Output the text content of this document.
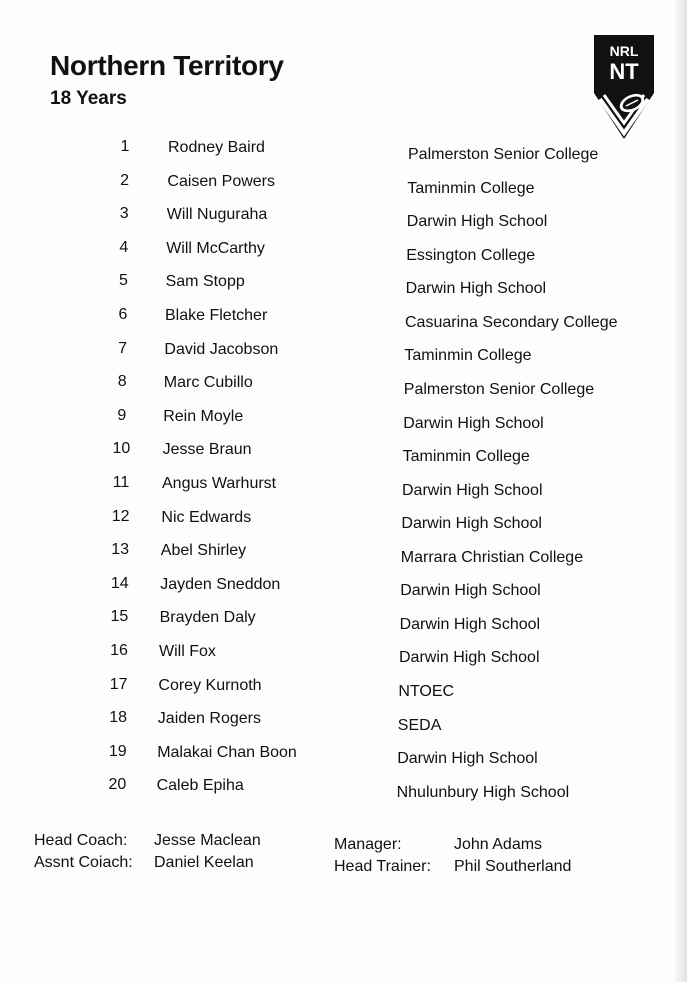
Northern Territory
18 Years
NRL
NT
1	Rodney Baird	Palmerston Senior College
2	Caisen Powers	Taminmin College
3	Will Nuguraha	Darwin High School
4	Will McCarthy	Essington College
5	Sam Stopp	Darwin High School
6	Blake Fletcher	Casuarina Secondary College
7	David Jacobson	Taminmin College
8	Marc Cubillo	Palmerston Senior College
9	Rein Moyle	Darwin High School
10	Jesse Braun	Taminmin College
11	Angus Warhurst	Darwin High School
12	Nic Edwards	Darwin High School
13	Abel Shirley	Marrara Christian College
14	Jayden Sneddon	Darwin High School
15	Brayden Daly	Darwin High School
16	Will Fox	Darwin High School
17	Corey Kurnoth	NTOEC
18	Jaiden Rogers	SEDA
19	Malakai Chan Boon	Darwin High School
20	Caleb Epiha	Nhulunbury High School
Head Coach: Jesse Maclean
Assnt Coiach: Daniel Keelan
Manager:	John Adams
Head Trainer: Phil Southerland
